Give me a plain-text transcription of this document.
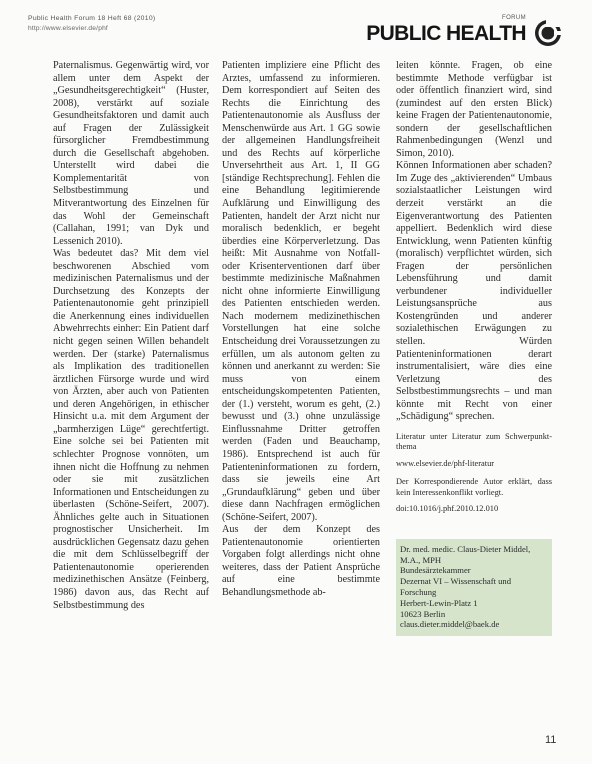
Public Health Forum 18 Heft 68 (2010)
http://www.elsevier.de/phf
FORUM
PUBLIC HEALTH

Paternalismus. Gegenwärtig wird, vor allem unter dem Aspekt der „Gesundheitsgerechtigkeit“ (Huster, 2008), verstärkt auf soziale Gesundheitsfaktoren und damit auch auf Fragen der Zulässigkeit fürsorglicher Fremdbestimmung durch die Gesellschaft abgehoben. Unterstellt wird dabei die Komplementarität von Selbstbestimmung und Mitverantwortung des Einzelnen für das Wohl der Gemeinschaft (Callahan, 1991; van Dyk und Lessenich 2010).

Was bedeutet das? Mit dem viel beschworenen Abschied vom medizinischen Paternalismus und der Durchsetzung des Konzepts der Patientenautonomie geht prinzipiell die Anerkennung eines individuellen Abwehrrechts einher: Ein Patient darf nicht gegen seinen Willen behandelt werden. Der (starke) Paternalismus als Implikation des traditionellen ärztlichen Fürsorge wurde und wird von Ärzten, aber auch von Patienten und deren Angehörigen, in ethischer Hinsicht u.a. mit dem Argument der „barmherzigen Lüge“ gerechtfertigt. Eine solche sei bei Patienten mit schlechter Prognose vonnöten, um ihnen nicht die Hoffnung zu nehmen oder sie mit zusätzlichen Informationen und Entscheidungen zu überlasten (Schöne-Seifert, 2007). Ähnliches gelte auch in Situationen prognostischer Unsicherheit. Im ausdrücklichen Gegensatz dazu gehen die mit dem Schlüsselbegriff der Patientenautonomie operierenden medizinethischen Ansätze (Feinberg, 1986) davon aus, das Recht auf Selbstbestimmung des

Patienten impliziere eine Pflicht des Arztes, umfassend zu informieren. Dem korrespondiert auf Seiten des Rechts die Einrichtung des Patientenautonomie als Ausfluss der Menschenwürde aus Art. 1 GG sowie der allgemeinen Handlungsfreiheit und des Rechts auf körperliche Unversehrtheit aus Art. 1, II GG [ständige Rechtsprechung]. Fehlen die eine Behandlung legitimierende Aufklärung und Einwilligung des Patienten, handelt der Arzt nicht nur moralisch bedenklich, er begeht überdies eine Körperverletzung. Das heißt: Mit Ausnahme von Notfall- oder Krisenterventionen darf über bestimmte medizinische Maßnahmen nicht ohne informierte Einwilligung des Patienten entschieden werden. Nach modernem medizinethischen Vorstellungen hat eine solche Entscheidung drei Voraussetzungen zu erfüllen, um als autonom gelten zu können und anerkannt zu werden: Sie muss von einem entscheidungskompetenten Patienten, der (1.) versteht, worum es geht, (2.) bewusst und (3.) ohne unzulässige Einflussnahme Dritter getroffen werden (Faden und Beauchamp, 1986). Entsprechend ist auch für Patienteninformationen zu fordern, dass sie jeweils eine Art „Grundaufklärung“ geben und über diese dann Nachfragen ermöglichen (Schöne-Seifert, 2007).

Aus der dem Konzept des Patientenautonomie orientierten Vorgaben folgt allerdings nicht ohne weiteres, dass der Patient Ansprüche auf eine bestimmte Behandlungsmethode ab-

leiten könnte. Fragen, ob eine bestimmte Methode verfügbar ist oder öffentlich finanziert wird, sind (zumindest auf den ersten Blick) keine Fragen der Patientenautonomie, sondern der gesellschaftlichen Rahmenbedingungen (Wenzl und Simon, 2010).

Können Informationen aber schaden? Im Zuge des „aktivierenden“ Umbaus sozialstaatlicher Leistungen wird derzeit verstärkt an die Eigenverantwortung des Patienten appelliert. Bedenklich wird diese Entwicklung, wenn Patienten künftig (moralisch) verpflichtet würden, sich Fragen der persönlichen Lebensführung und damit verbundener individueller Leistungsansprüche aus Kostengründen und anderer sozialethischen Erwägungen zu stellen. Würden Patienteninformationen derart instrumentalisiert, wäre dies eine Verletzung des Selbstbestimmungsrechts – und man könnte mit Recht von einer „Schädigung“ sprechen.

Literatur unter Literatur zum Schwerpunkt- thema

www.elsevier.de/phf-literatur

Der Korrespondierende Autor erklärt, dass kein Interessenkonflikt vorliegt.

doi:10.1016/j.phf.2010.12.010

Dr. med. medic. Claus-Dieter Middel,
M.A., MPH
Bundesärztekammer
Dezernat VI – Wissenschaft und
Forschung
Herbert-Lewin-Platz 1
10623 Berlin
claus.dieter.middel@baek.de
11
